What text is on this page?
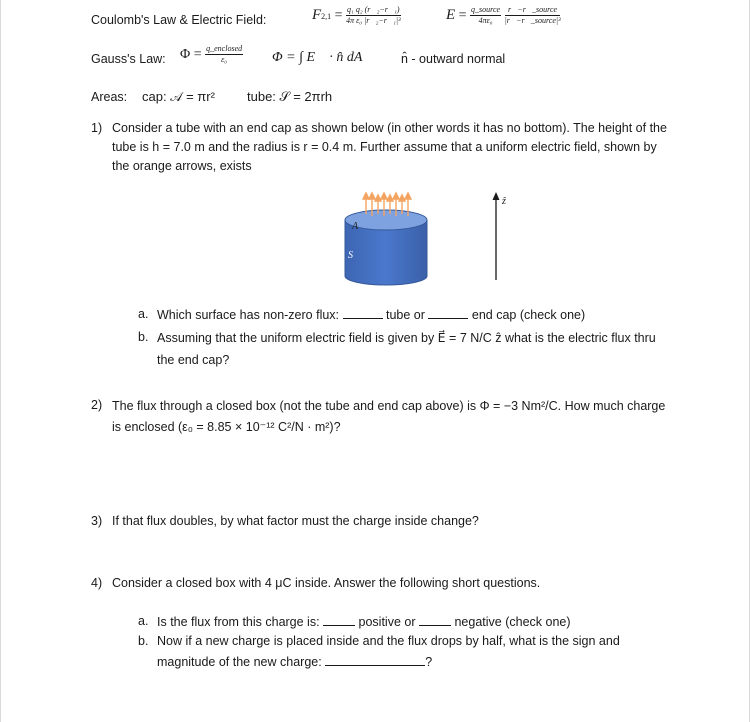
Coulomb's Law & Electric Field:	$F2,1 = \frac{\text{q₁ q₂ (r⃗₂−r⃗₁)}}{\text{4π ε₀ |r⃗₂−r⃗₁|³}}$	$E = \frac{\text{q\_source}}{\text{4πε₀}}$
$\frac{\text{r⃗−r⃗\_source}}{\text{|r⃗−r⃗\_source|³}}$
Gauss's Law: $\Phi = \frac{\text{q\_enclosed}}{\text{ε₀}}$ Φ = ∫ E⃗ · n̂ dA	n̂ - outward normal
Areas: cap: 𝒜 = πr² tube: 𝒮 = 2πrh
1) Consider a tube with an end cap as shown below (in other words it has no bottom). The height of the tube is h = 7.0 m and the radius is r = 0.4 m. Further assume that a uniform electric field, shown by the orange arrows, exists
A
S
ẑ
a. Which surface has non-zero flux:	tube or	end cap (check one)
b. Assuming that the uniform electric field is given by E⃗ = 7 N/C ẑ what is the electric flux thru the end cap?
2) The flux through a closed box (not the tube and end cap above) is Φ = −3 Nm²/C. How much charge is enclosed (ε₀ = 8.85 × 10⁻¹² C²/N · m²)?
3) If that flux doubles, by what factor must the charge inside change?
4) Consider a closed box with 4 μC inside. Answer the following short questions.
a. Is the flux from this charge is:	positive or	negative (check one)
b. Now if a new charge is placed inside and the flux drops by half, what is the sign and magnitude of the new charge:	?
